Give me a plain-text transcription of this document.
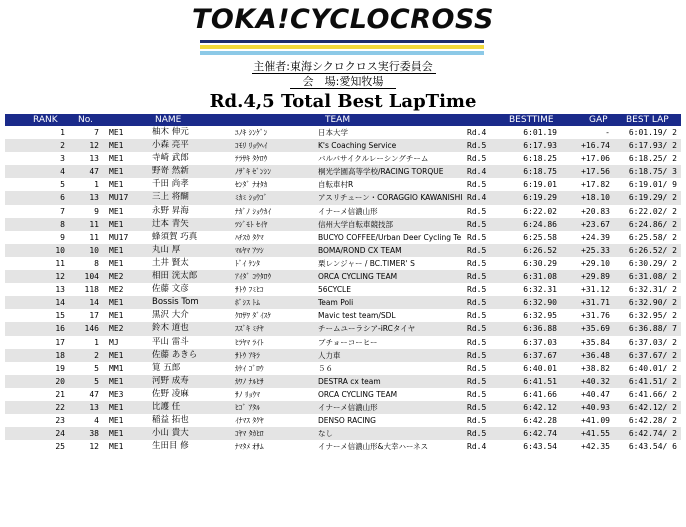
TOKA!CYCLOCROSS
主催者:東海シクロクロス実行委員会
会　場:愛知牧場
Rd.4,5 Total Best LapTime
RANK No.	NAME	TEAM	BESTTIME	GAP BEST LAP
1	7 ME1	柚木 伸元	ﾕﾉｷ ｼﾝｹﾞﾝ	日本大学	Rd.4	6:01.19	-	6:01.19/ 2
2	12 ME1	小森 亮平	ｺﾓﾘ ﾘｮｳﾍｲ	K's Coaching Service	Rd.5	6:17.93	+16.74	6:17.93/ 2
3	13 ME1	寺崎 武郎	ﾃﾗｻｷ ﾀｹﾛｳ	バルバサイクルレーシングチーム	Rd.5	6:18.25	+17.06	6:18.25/ 2
4	47 ME1	野嵜 然新	ﾉｻﾞｷ ｾﾞﾝｼﾝ	桐光学園高等学校/RACING TORQUE	Rd.4	6:18.75	+17.56	6:18.75/ 3
5	1 ME1	千田 尚孝	ｾﾝﾀﾞ ﾅｵﾀｶ	自転車村R	Rd.5	6:19.01	+17.82	6:19.01/ 9
6	13 MU17	三上 将醐	ﾐｶﾐ ｼｮｳｺﾞ	アスリチューン・CORAGGIO KAWANISHI Rd.4	6:19.29	+18.10	6:19.29/ 2
7	9 ME1	永野 昇海	ﾅｶﾞﾉ ｼｮｳｶｲ	イナーメ信濃山形	Rd.5	6:22.02	+20.83	6:22.02/ 2
8	11 ME1	辻本 青矢	ﾂｼﾞﾓﾄ ｾｲﾔ	信州大学自転車競技部	Rd.5	6:24.86	+23.67	6:24.86/ 2
9	11 MU17	蜂須賀 巧真	ﾊﾁｽｶ ﾀｸﾏ	BUCYO COFFEE/Urban Deer Cycling Te Rd.5	6:25.58	+24.39	6:25.58/ 2
10	10 ME1	丸山 厚	ﾏﾙﾔﾏ ｱﾂｼ	BOMA/ROND CX TEAM	Rd.5	6:26.52	+25.33	6:26.52/ 2
11	8 ME1	土井 賢太	ﾄﾞｲ ｹﾝﾀ	栗レンジャー / BC.TIMER' S	Rd.5	6:30.29	+29.10	6:30.29/ 2
12	104 ME2	相田 洸太郎	ｱｲﾀﾞ ｺｳﾀﾛｳ	ORCA CYCLING TEAM	Rd.5	6:31.08	+29.89	6:31.08/ 2
13	118 ME2	佐藤 文彦	ｻﾄｳ ﾌﾐﾋｺ	56CYCLE	Rd.5	6:32.31	+31.12	6:32.31/ 2
14	14 ME1	Bossis Tom	ﾎﾞｼｽ ﾄﾑ	Team Poli	Rd.5	6:32.90	+31.71	6:32.90/ 2
15	17 ME1	黒沢 大介	ｸﾛｻﾜ ﾀﾞｲｽｹ	Mavic test team/SDL	Rd.5	6:32.95	+31.76	6:32.95/ 2
16	146 ME2	鈴木 道也	ｽｽﾞｷ ﾐﾁﾔ	チームユーラシア-iRCタイヤ	Rd.5	6:36.88	+35.69	6:36.88/ 7
17	1 MJ	平山 雷斗	ﾋﾗﾔﾏ ﾗｲﾄ	ブチョーコーヒー	Rd.5	6:37.03	+35.84	6:37.03/ 2
18	2 ME1	佐藤 あきら	ｻﾄｳ ｱｷﾗ	人力車	Rd.5	6:37.67	+36.48	6:37.67/ 2
19	5 MM1	筧 五郎	ｶｹｲ ｺﾞﾛｳ	５６	Rd.5	6:40.01	+38.82	6:40.01/ 2
20	5 ME1	河野 成寿	ｶﾜﾉ ﾅﾙﾋｻ	DESTRA cx team	Rd.5	6:41.51	+40.32	6:41.51/ 2
21	47 ME3	佐野 凌麻	ｻﾉ ﾘｮｳﾏ	ORCA CYCLING TEAM	Rd.5	6:41.66	+40.47	6:41.66/ 2
22	13 ME1	比護 任	ﾋｺﾞ ｱﾀﾙ	イナーメ信濃山形	Rd.5	6:42.12	+40.93	6:42.12/ 2
23	4 ME1	稲益 拓也	ｲﾅﾏｽ ﾀｸﾔ	DENSO RACING	Rd.5	6:42.28	+41.09	6:42.28/ 2
24	38 ME1	小山 貴大	ｺﾔﾏ ﾀｶﾋﾛ	なし	Rd.5	6:42.74	+41.55	6:42.74/ 2
25	12 ME1	生田目 修	ﾅﾏﾀﾒ ｵｻﾑ	イナーメ信濃山形&大幸ハーネス	Rd.4	6:43.54	+42.35	6:43.54/ 6
